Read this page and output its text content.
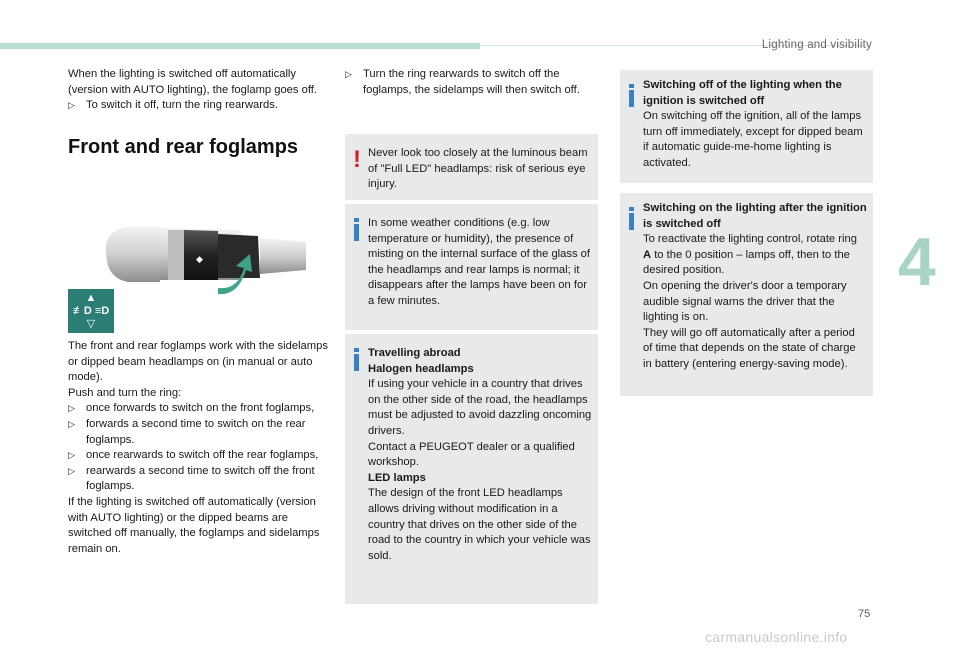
Lighting and visibility
4
75

When the lighting is switched off automatically (version with AUTO lighting), the foglamp goes off.

▷ To switch it off, turn the ring rearwards.

Front and rear foglamps
◆
▲
≢D ≡D
▽

The front and rear foglamps work with the sidelamps or dipped beam headlamps on (in manual or auto mode).

Push and turn the ring:

▷ once forwards to switch on the front foglamps,

▷ forwards a second time to switch on the rear foglamps.

▷ once rearwards to switch off the rear foglamps,

▷ rearwards a second time to switch off the front foglamps.

If the lighting is switched off automatically (version with AUTO lighting) or the dipped beams are switched off manually, the foglamps and sidelamps remain on.

▷ Turn the ring rearwards to switch off the foglamps, the sidelamps will then switch off.

! Never look too closely at the luminous beam of "Full LED" headlamps: risk of serious eye injury.
In some weather conditions (e.g. low temperature or humidity), the presence of misting on the internal surface of the glass of the headlamps and rear lamps is normal; it disappears after the lamps have been on for a few minutes.

Travelling abroad

Halogen headlamps

If using your vehicle in a country that drives on the other side of the road, the headlamps must be adjusted to avoid dazzling oncoming drivers.

Contact a PEUGEOT dealer or a qualified workshop.

LED lamps

The design of the front LED headlamps allows driving without modification in a country that drives on the other side of the road to the country in which your vehicle was sold.

Switching off of the lighting when the ignition is switched off

On switching off the ignition, all of the lamps turn off immediately, except for dipped beam if automatic guide-me-home lighting is activated.

Switching on the lighting after the ignition is switched off

To reactivate the lighting control, rotate ring A to the 0 position – lamps off, then to the desired position.

On opening the driver's door a temporary audible signal warns the driver that the lighting is on.

They will go off automatically after a period of time that depends on the state of charge in battery (entering energy-saving mode).

carmanualsonline.info
